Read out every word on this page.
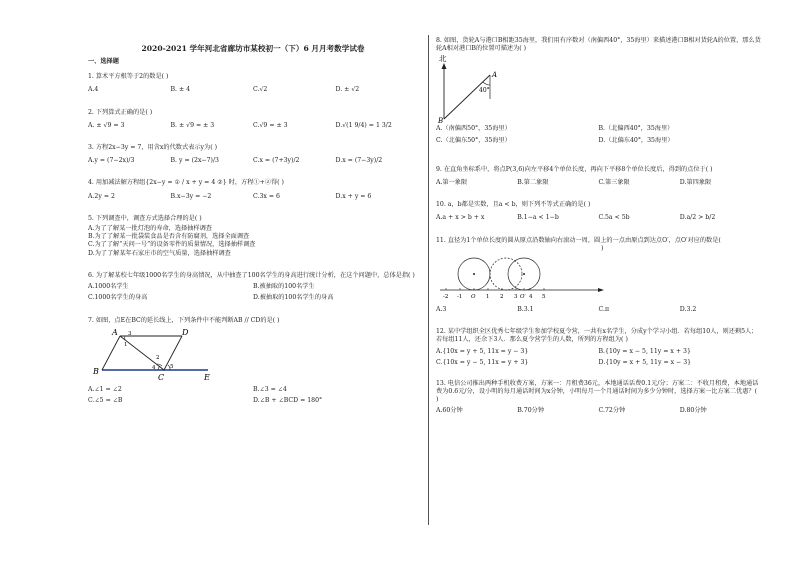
2020-2021 学年河北省廊坊市某校初一（下）6 月月考数学试卷
一、选择题
1. 算术平方根等于2的数是( )
A.4	B. ± 4	C.√2	D. ± √2
2. 下列算式正确的是( )
A. ± √9 = 3	B. ± √9 = ± 3	C.√9 = ± 3	D.√(1 9/4) = 1 3/2
3. 方程2x−3y = 7，用含x的代数式表示y为( )
A.y = (7−2x)/3	B. y = (2x−7)/3	C.x = (7+3y)/2	D.x = (7−3y)/2
4. 用加减法解方程组{2x−y = ① / x + y = 4 ②} 时，方程①+②得( )
A.2y = 2	B.x−3y = −2	C.3x = 6	D.x + y = 6
5. 下列调查中，调查方式选择合理的是( )
A.为了了解某一批灯泡的寿命，选择抽样调查
B.为了了解某一批袋装食品是否含有防腐剂，选择全面调查
C.为了了解“天问一号”的设备零件的质量情况，选择抽样调查
D.为了了解某年石家庄市的空气质量，选择抽样调查
6. 为了解某校七年级1000名学生的身高情况，从中抽查了100名学生的身高进行统计分析，在这个问题中，总体是指( )
A.1000名学生	B.被抽取的100名学生
C.1000名学生的身高	D.被抽取的100名学生的身高
7. 如图，点E在BC的延长线上，下列条件中不能判断AB // CD的是( )
A	D
B
C	E
1
2
3
4	5
A.∠1 = ∠2	B.∠3 = ∠4
C.∠5 = ∠B	D.∠B + ∠BCD = 180°
8. 如图，货轮A与港口B相距35海里，我们用有序数对（南偏西40°，35海里）来描述港口B相对货轮A的位置，那么货轮A相对港口B的位置可描述为( )
北
A
B
40°
A.（南偏西50°，35海里）	B.（北偏西40°，35海里）
C.（北偏东50°，35海里）	D.（北偏东40°，35海里）
9. 在直角坐标系中，将点P(3,6)向左平移4个单位长度，再向下平移8个单位长度后，得到的点位于( )
A.第一象限	B.第二象限	C.第三象限	D.第四象限
10. a，b都是实数，且a < b，则下列不等式正确的是( )
A.a + x > b + x	B.1−a < 1−b	C.5a < 5b	D.a/2 > b/2
11. 直径为1个单位长度的圆从原点沿数轴向右滚动一周，圆上的一点由原点到达点O′，点O′对应的数是(
)
-2 -1 O 1 2 3 O′ 4 5
A.3	B.3.1	C.π	D.3.2
12. 某中学组织全区优秀七年级学生参加学校夏令营，一共有x名学生，分成y个学习小组．若每组10人，则还剩5人；若每组11人，还余下3人．那么夏令营学生的人数，所列的方程组为( )
A.{10x = y + 5, 11x = y − 3}	B.{10y = x − 5, 11y = x + 3}
C.{10x = y − 5, 11x = y + 3}	D.{10y = x + 5, 11y = x − 3}
13. 电信公司推出两种手机收费方案，方案一：月租费36元，本地通话话费0.1元/分；方案二：不收月租费，本地通话费为0.6元/分，设小明的每月通话时间为x分钟，小明每月一个月通话时间为多少分钟时，选择方案一比方案二优惠？( )
A.60分钟	B.70分钟	C.72分钟	D.80分钟
